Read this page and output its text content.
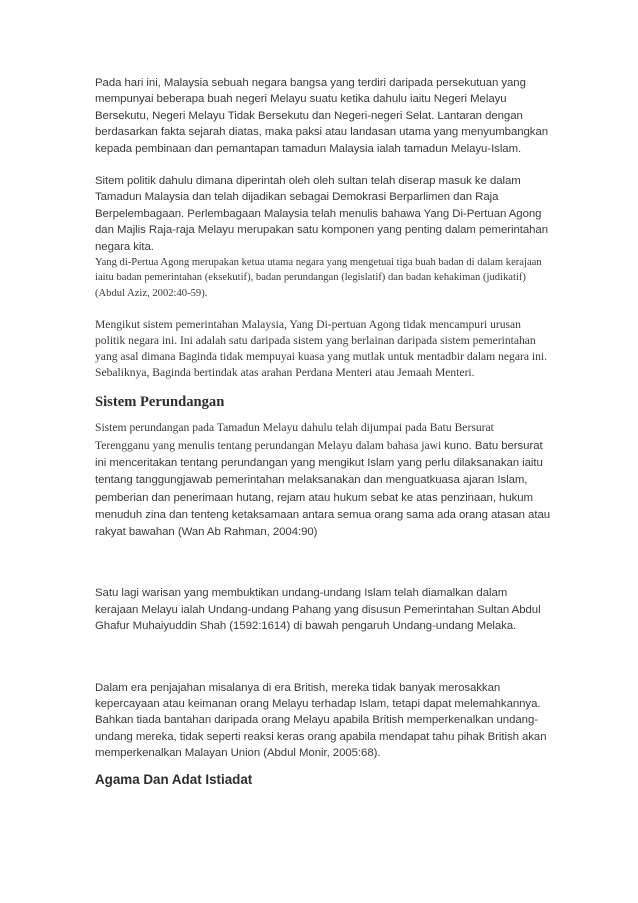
Pada hari ini, Malaysia sebuah negara bangsa yang terdiri daripada persekutuan yang mempunyai beberapa buah negeri Melayu suatu ketika dahulu iaitu Negeri Melayu Bersekutu, Negeri Melayu Tidak Bersekutu dan Negeri-negeri Selat. Lantaran dengan berdasarkan fakta sejarah diatas, maka paksi atau landasan utama yang menyumbangkan kepada pembinaan dan pemantapan tamadun Malaysia ialah tamadun Melayu-Islam.

Sitem politik dahulu dimana diperintah oleh oleh sultan telah diserap masuk ke dalam Tamadun Malaysia dan telah dijadikan sebagai Demokrasi Berparlimen dan Raja Berpelembagaan. Perlembagaan Malaysia telah menulis bahawa Yang Di-Pertuan Agong dan Majlis Raja-raja Melayu merupakan satu komponen yang penting dalam pemerintahan negara kita.

Yang di-Pertua Agong merupakan ketua utama negara yang mengetuai tiga buah badan di dalam kerajaan iaitu badan pemerintahan (eksekutif), badan perundangan (legislatif) dan badan kehakiman (judikatif)(Abdul Aziz, 2002:40-59).

Mengikut sistem pemerintahan Malaysia, Yang Di-pertuan Agong tidak mencampuri urusan politik negara ini. Ini adalah satu daripada sistem yang berlainan daripada sistem pemerintahan yang asal dimana Baginda tidak mempuyai kuasa yang mutlak untuk mentadbir dalam negara ini. Sebaliknya, Baginda bertindak atas arahan Perdana Menteri atau Jemaah Menteri.

Sistem Perundangan

Sistem perundangan pada Tamadun Melayu dahulu telah dijumpai pada Batu Bersurat Terengganu yang menulis tentang perundangan Melayu dalam bahasa jawi kuno. Batu bersurat ini menceritakan tentang perundangan yang mengikut Islam yang perlu dilaksanakan iaitu tentang tanggungjawab pemerintahan melaksanakan dan menguatkuasa ajaran Islam, pemberian dan penerimaan hutang, rejam atau hukum sebat ke atas penzinaan, hukum menuduh zina dan tenteng ketaksamaan antara semua orang sama ada orang atasan atau rakyat bawahan (Wan Ab Rahman, 2004:90)

Satu lagi warisan yang membuktikan undang-undang Islam telah diamalkan dalam kerajaan Melayu ialah Undang-undang Pahang yang disusun Pemerintahan Sultan Abdul Ghafur Muhaiyuddin Shah (1592:1614) di bawah pengaruh Undang-undang Melaka.

Dalam era penjajahan misalanya di era British, mereka tidak banyak merosakkan kepercayaan atau keimanan orang Melayu terhadap Islam, tetapi dapat melemahkannya. Bahkan tiada bantahan daripada orang Melayu apabila British memperkenalkan undang-undang mereka, tidak seperti reaksi keras orang apabila mendapat tahu pihak British akan memperkenalkan Malayan Union (Abdul Monir, 2005:68).

Agama Dan Adat Istiadat
